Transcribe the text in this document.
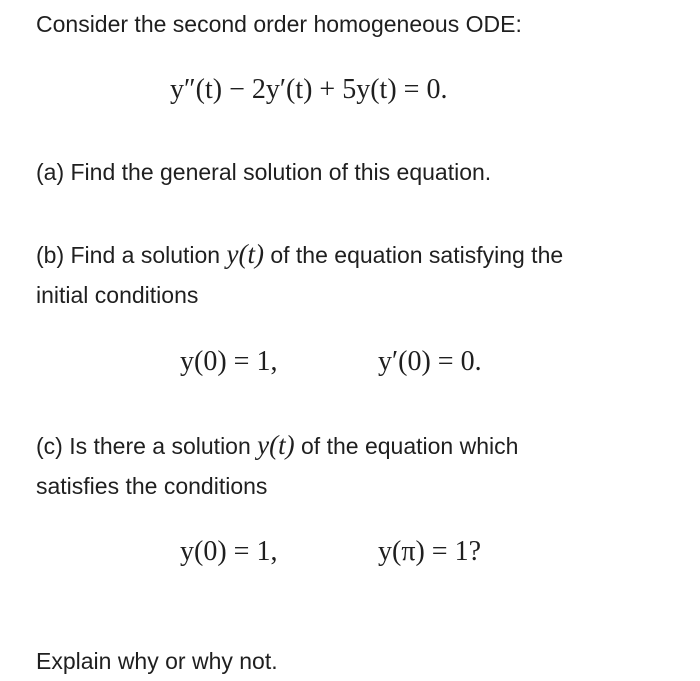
Consider the second order homogeneous ODE:
y″(t) − 2y′(t) + 5y(t) = 0.
(a) Find the general solution of this equation.
(b) Find a solution y(t) of the equation satisfying the
initial conditions
y(0) = 1,	y′(0) = 0.
(c) Is there a solution y(t) of the equation which
satisfies the conditions
y(0) = 1,	y(π) = 1?
Explain why or why not.
